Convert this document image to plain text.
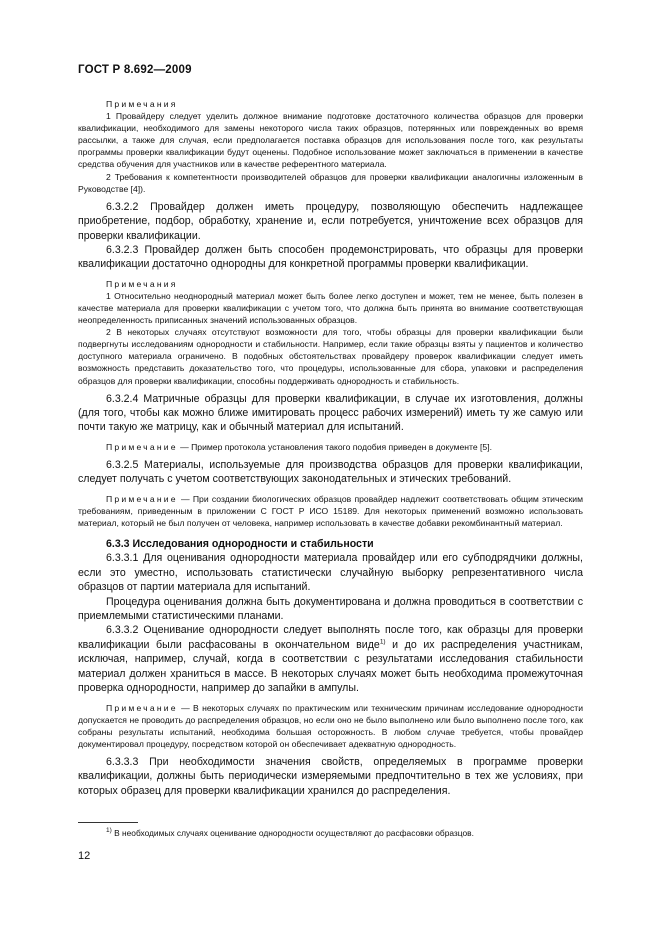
ГОСТ Р 8.692—2009

Примечания

1 Провайдеру следует уделить должное внимание подготовке достаточного количества образцов для проверки квалификации, необходимого для замены некоторого числа таких образцов, потерянных или поврежденных во время рассылки, а также для случая, если предполагается поставка образцов для использования после того, как результаты программы проверки квалификации будут оценены. Подобное использование может заключаться в применении в качестве средства обучения для участников или в качестве референтного материала.

2 Требования к компетентности производителей образцов для проверки квалификации аналогичны изложенным в Руководстве [4]).

6.3.2.2 Провайдер должен иметь процедуру, позволяющую обеспечить надлежащее приобретение, подбор, обработку, хранение и, если потребуется, уничтожение всех образцов для проверки квалификации.

6.3.2.3 Провайдер должен быть способен продемонстрировать, что образцы для проверки квалификации достаточно однородны для конкретной программы проверки квалификации.

Примечания

1 Относительно неоднородный материал может быть более легко доступен и может, тем не менее, быть полезен в качестве материала для проверки квалификации с учетом того, что должна быть принята во внимание соответствующая неопределенность приписанных значений использованных образцов.

2 В некоторых случаях отсутствуют возможности для того, чтобы образцы для проверки квалификации были подвергнуты исследованиям однородности и стабильности. Например, если такие образцы взяты у пациентов и количество доступного материала ограничено. В подобных обстоятельствах провайдеру проверок квалификации следует иметь возможность представить доказательство того, что процедуры, использованные для сбора, упаковки и распределения образцов для проверки квалификации, способны поддерживать однородность и стабильность.

6.3.2.4 Матричные образцы для проверки квалификации, в случае их изготовления, должны (для того, чтобы как можно ближе имитировать процесс рабочих измерений) иметь ту же самую или почти такую же матрицу, как и обычный материал для испытаний.

Примечание — Пример протокола установления такого подобия приведен в документе [5].

6.3.2.5 Материалы, используемые для производства образцов для проверки квалификации, следует получать с учетом соответствующих законодательных и этических требований.

Примечание — При создании биологических образцов провайдер надлежит соответствовать общим этическим требованиям, приведенным в приложении С ГОСТ Р ИСО 15189. Для некоторых применений возможно использовать материал, который не был получен от человека, например использовать в качестве добавки рекомбинантный материал.

6.3.3 Исследования однородности и стабильности

6.3.3.1 Для оценивания однородности материала провайдер или его субподрядчики должны, если это уместно, использовать статистически случайную выборку репрезентативного числа образцов от партии материала для испытаний.

Процедура оценивания должна быть документирована и должна проводиться в соответствии с приемлемыми статистическими планами.

6.3.3.2 Оценивание однородности следует выполнять после того, как образцы для проверки квалификации были расфасованы в окончательном виде$^{1)}$ и до их распределения участникам, исключая, например, случай, когда в соответствии с результатами исследования стабильности материал должен храниться в массе. В некоторых случаях может быть необходима промежуточная проверка однородности, например до запайки в ампулы.

Примечание — В некоторых случаях по практическим или техническим причинам исследование однородности допускается не проводить до распределения образцов, но если оно не было выполнено или было выполнено после того, как собраны результаты испытаний, необходима большая осторожность. В любом случае требуется, чтобы провайдер документировал процедуру, посредством которой он обеспечивает адекватную однородность.

6.3.3.3 При необходимости значения свойств, определяемых в программе проверки квалификации, должны быть периодически измеряемыми предпочтительно в тех же условиях, при которых образец для проверки квалификации хранился до распределения.

$^{1)}$ В необходимых случаях оценивание однородности осуществляют до расфасовки образцов.

12
